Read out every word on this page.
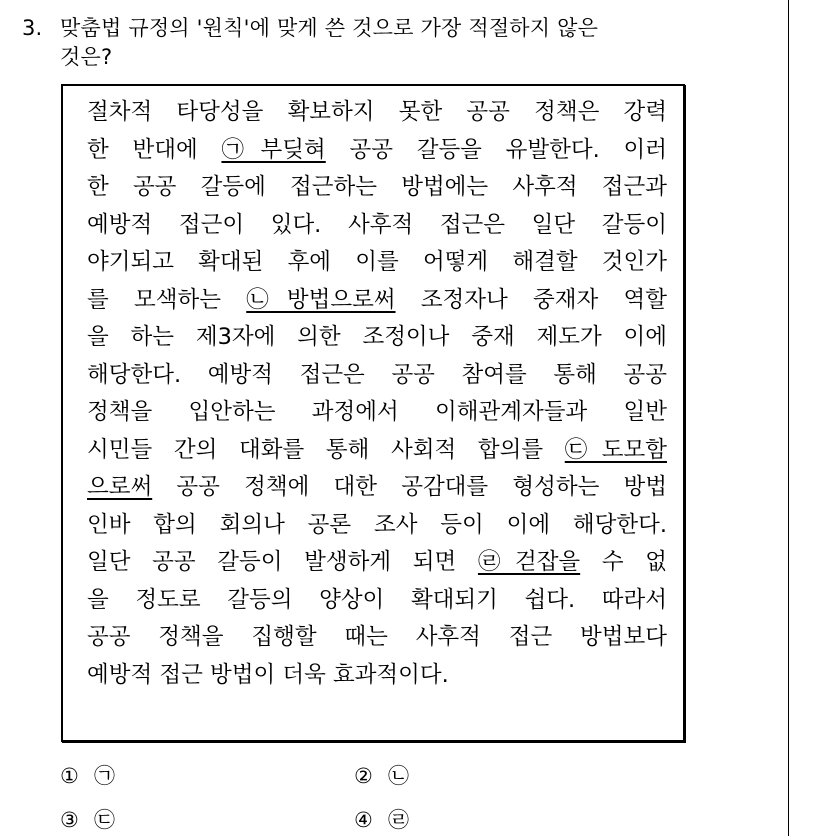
3. 맞춤법 규정의 '원칙'에 맞게 쓴 것으로 가장 적절하지 않은
것은?
절차적 타당성을 확보하지 못한 공공 정책은 강력
한 반대에 ㉠부딪혀 공공 갈등을 유발한다. 이러
한 공공 갈등에 접근하는 방법에는 사후적 접근과
예방적 접근이 있다. 사후적 접근은 일단 갈등이
야기되고 확대된 후에 이를 어떻게 해결할 것인가
를 모색하는 ㉡방법으로써 조정자나 중재자 역할
을 하는 제3자에 의한 조정이나 중재 제도가 이에
해당한다. 예방적 접근은 공공 참여를 통해 공공
정책을 입안하는 과정에서 이해관계자들과 일반
시민들 간의 대화를 통해 사회적 합의를 ㉢도모함
으로써 공공 정책에 대한 공감대를 형성하는 방법
인바 합의 회의나 공론 조사 등이 이에 해당한다.
일단 공공 갈등이 발생하게 되면 ㉣걷잡을 수 없
을 정도로 갈등의 양상이 확대되기 쉽다. 따라서
공공 정책을 집행할 때는 사후적 접근 방법보다
예방적 접근 방법이 더욱 효과적이다.
① ㉠	② ㉡
③ ㉢	④ ㉣
